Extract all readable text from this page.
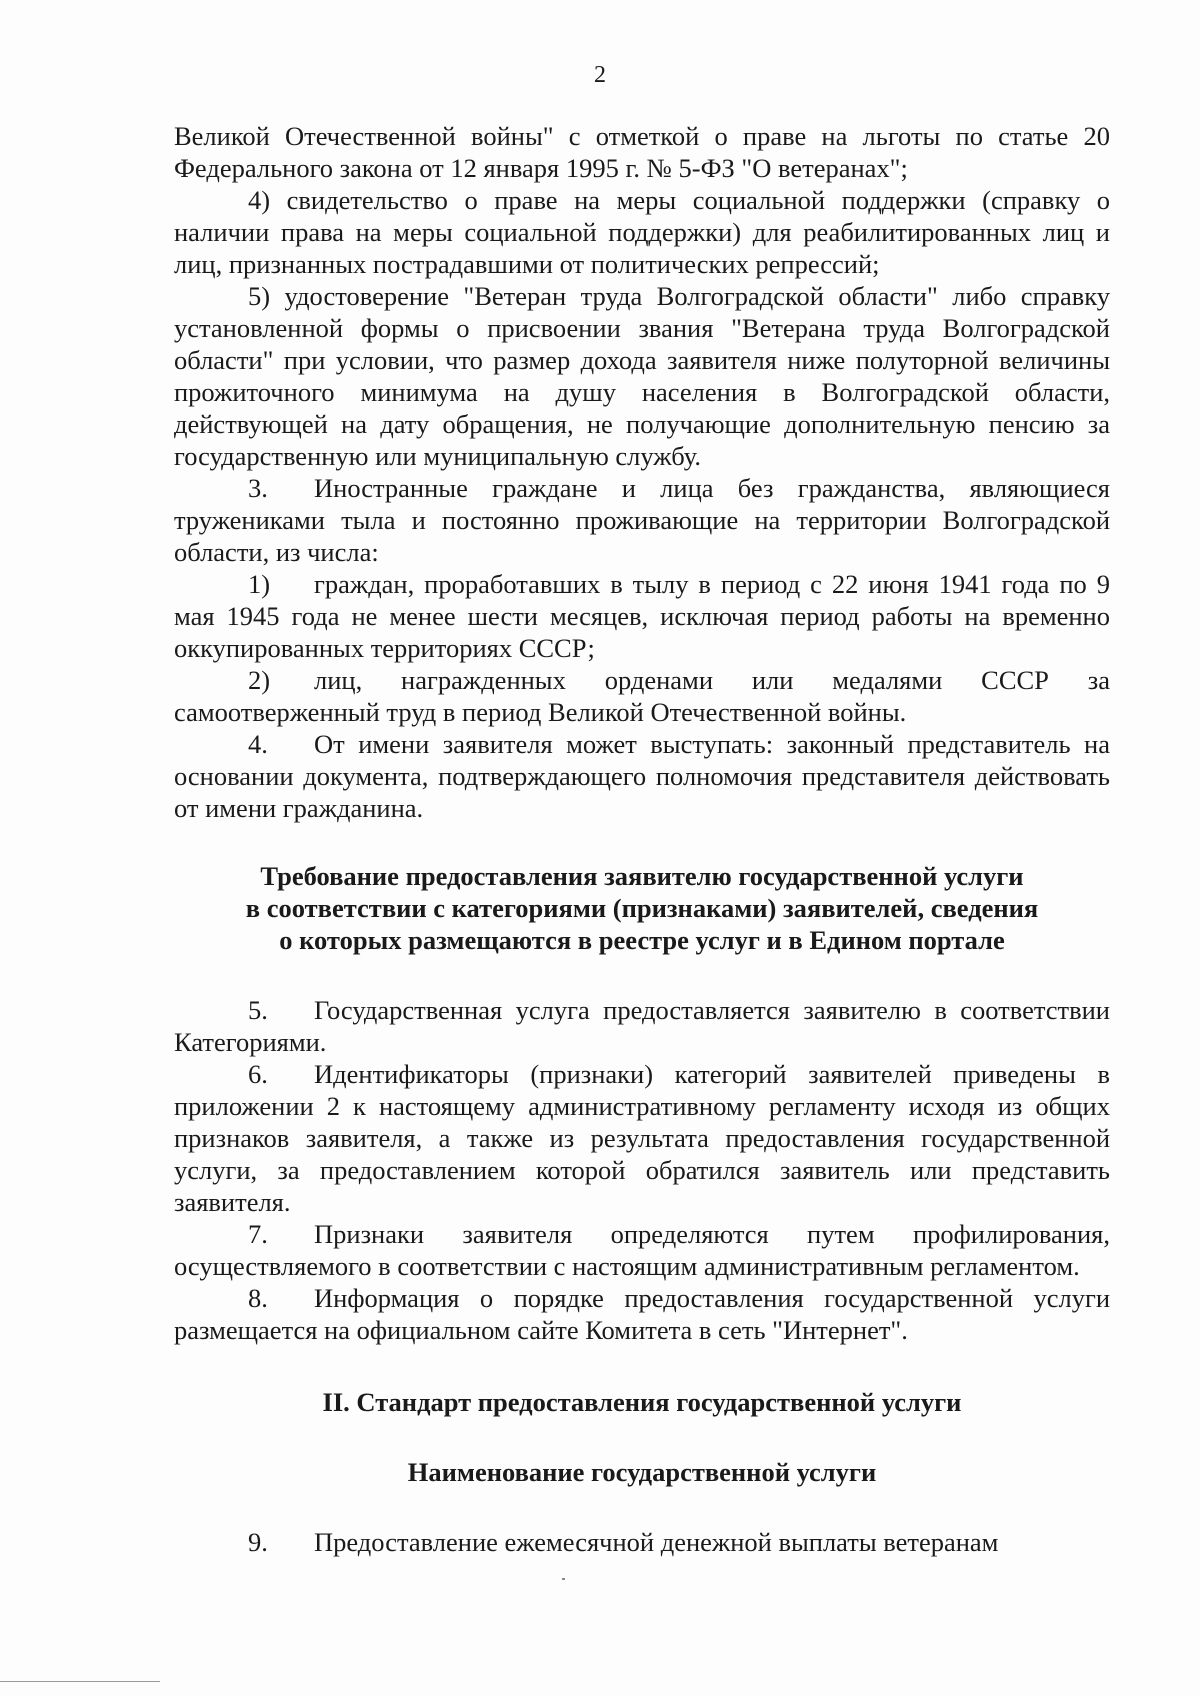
2

Великой Отечественной войны" с отметкой о праве на льготы по статье 20 Федерального закона от 12 января 1995 г. № 5-ФЗ "О ветеранах";

4) свидетельство о праве на меры социальной поддержки (справку о наличии права на меры социальной поддержки) для реабилитированных лиц и лиц, признанных пострадавшими от политических репрессий;

5) удостоверение "Ветеран труда Волгоградской области" либо справку установленной формы о присвоении звания "Ветерана труда Волгоградской области" при условии, что размер дохода заявителя ниже полуторной величины прожиточного минимума на душу населения в Волгоградской области, действующей на дату обращения, не получающие дополнительную пенсию за государственную или муниципальную службу.

3. Иностранные граждане и лица без гражданства, являющиеся тружениками тыла и постоянно проживающие на территории Волгоградской области, из числа:

1) граждан, проработавших в тылу в период с 22 июня 1941 года по 9 мая 1945 года не менее шести месяцев, исключая период работы на временно оккупированных территориях СССР;

2) лиц, награжденных орденами или медалями СССР за самоотверженный труд в период Великой Отечественной войны.

4. От имени заявителя может выступать: законный представитель на основании документа, подтверждающего полномочия представителя действовать от имени гражданина.

Требование предоставления заявителю государственной услуги

в соответствии с категориями (признаками) заявителей, сведения

о которых размещаются в реестре услуг и в Едином портале

5. Государственная услуга предоставляется заявителю в соответствии Категориями.

6. Идентификаторы (признаки) категорий заявителей приведены в приложении 2 к настоящему административному регламенту исходя из общих признаков заявителя, а также из результата предоставления государственной услуги, за предоставлением которой обратился заявитель или представить заявителя.

7. Признаки заявителя определяются путем профилирования, осуществляемого в соответствии с настоящим административным регламентом.

8. Информация о порядке предоставления государственной услуги размещается на официальном сайте Комитета в сеть "Интернет".

II. Стандарт предоставления государственной услуги

Наименование государственной услуги

9. Предоставление ежемесячной денежной выплаты ветеранам
